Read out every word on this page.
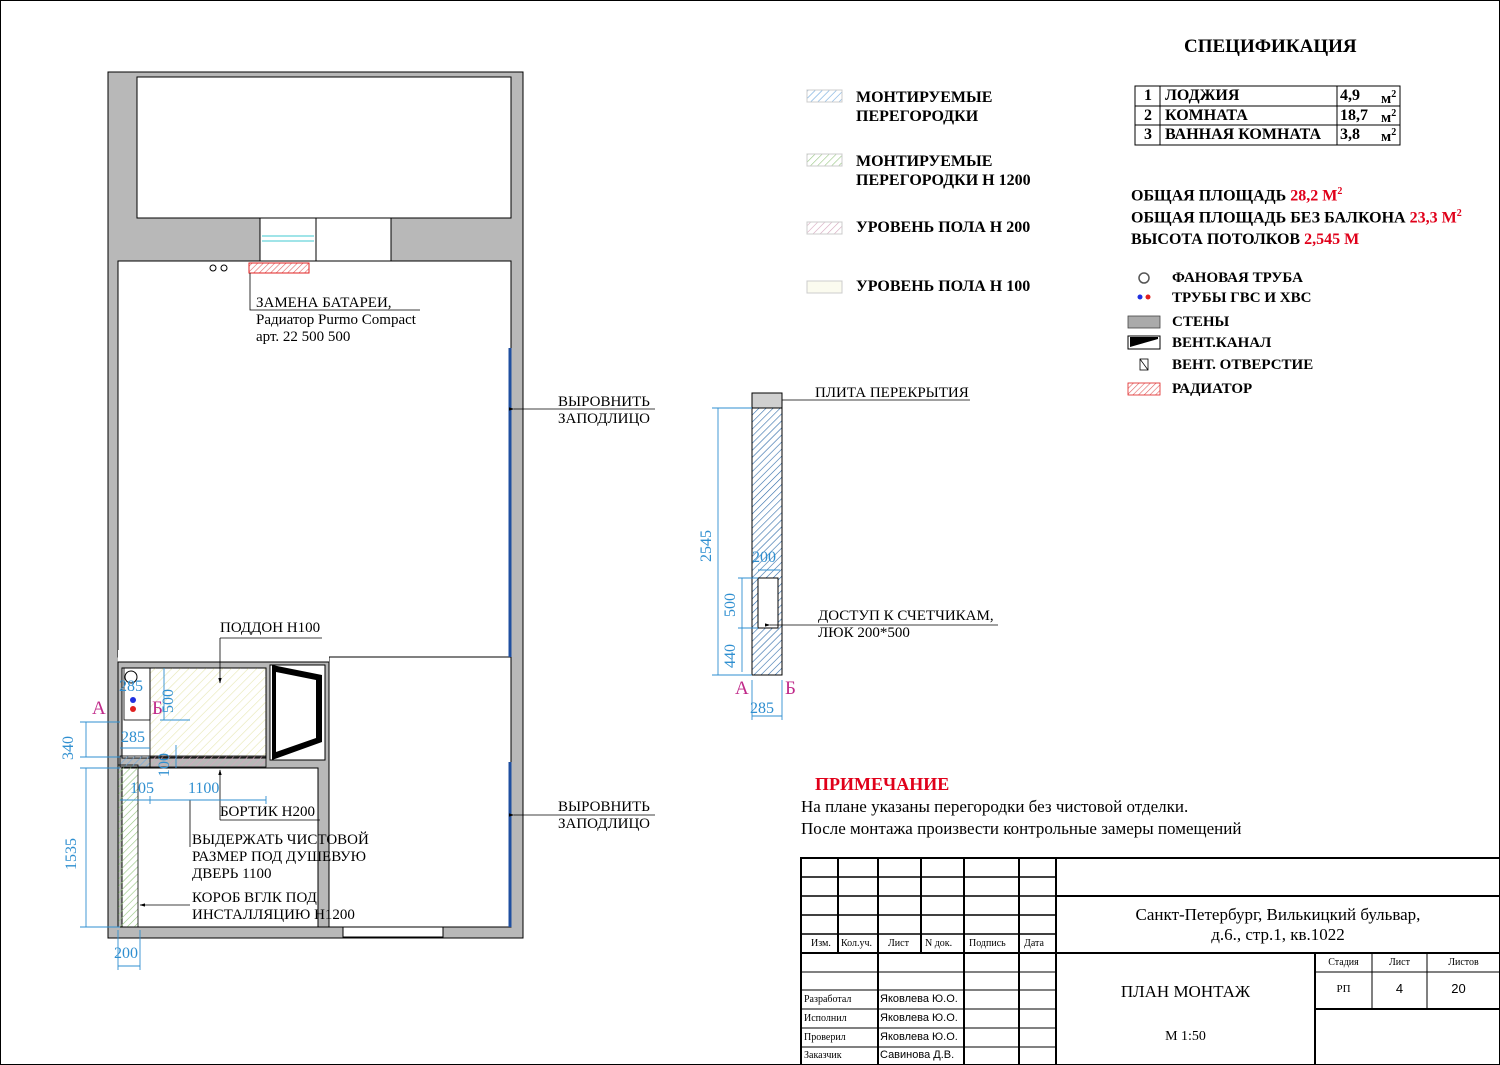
СПЕЦИФИКАЦИЯ
1 ЛОДЖИЯ	4,9 $м^2$
2 КОМНАТА	18,7 $м^2$
3 ВАННАЯ КОМНАТА 3,8 $м^2$
ОБЩАЯ ПЛОЩАДЬ 28,2 $М^2$
ОБЩАЯ ПЛОЩАДЬ БЕЗ БАЛКОНА 23,3 $М^2$
ВЫСОТА ПОТОЛКОВ 2,545 М
МОНТИРУЕМЫЕ
ПЕРЕГОРОДКИ
МОНТИРУЕМЫЕ
ПЕРЕГОРОДКИ Н 1200
УРОВЕНЬ ПОЛА Н 200
УРОВЕНЬ ПОЛА Н 100	ФАНОВАЯ ТРУБА
ТРУБЫ ГВС И ХВС
СТЕНЫ
ВЕНТ.КАНАЛ
ВЕНТ. ОТВЕРСТИЕ
РАДИАТОР
ЗАМЕНА БАТАРЕИ,
Радиатор Purmo Compact
арт. 22 500 500
ВЫРОВНИТЬ
ЗАПОДЛИЦО
ВЫРОВНИТЬ
ЗАПОДЛИЦО
ПОДДОН Н100
БОРТИК Н200
ВЫДЕРЖАТЬ ЧИСТОВОЙ
РАЗМЕР ПОД ДУШЕВУЮ
ДВЕРЬ 1100
КОРОБ ВГЛК ПОД
ИНСТАЛЛЯЦИЮ Н1200
340
1535
285
285
500
100
105 1100
200
А Б
ПЛИТА ПЕРЕКРЫТИЯ
ДОСТУП К СЧЕТЧИКАМ,
ЛЮК 200*500
2545
500
440
200
285
А Б
ПРИМЕЧАНИЕ
На плане указаны перегородки без чистовой отделки.
После монтажа произвести контрольные замеры помещений
Изм. Кол.уч. Лист N док. Подпись Дата
Разработал	Яковлева Ю.О.
Исполнил	Яковлева Ю.О.
Проверил	Яковлева Ю.О.
Заказчик	Савинова Д.В.
Санкт-Петербург, Вилькицкий бульвар,
д.6., стр.1, кв.1022
ПЛАН МОНТАЖ
М 1:50
Стадия	Лист	Листов
РП	4	20
